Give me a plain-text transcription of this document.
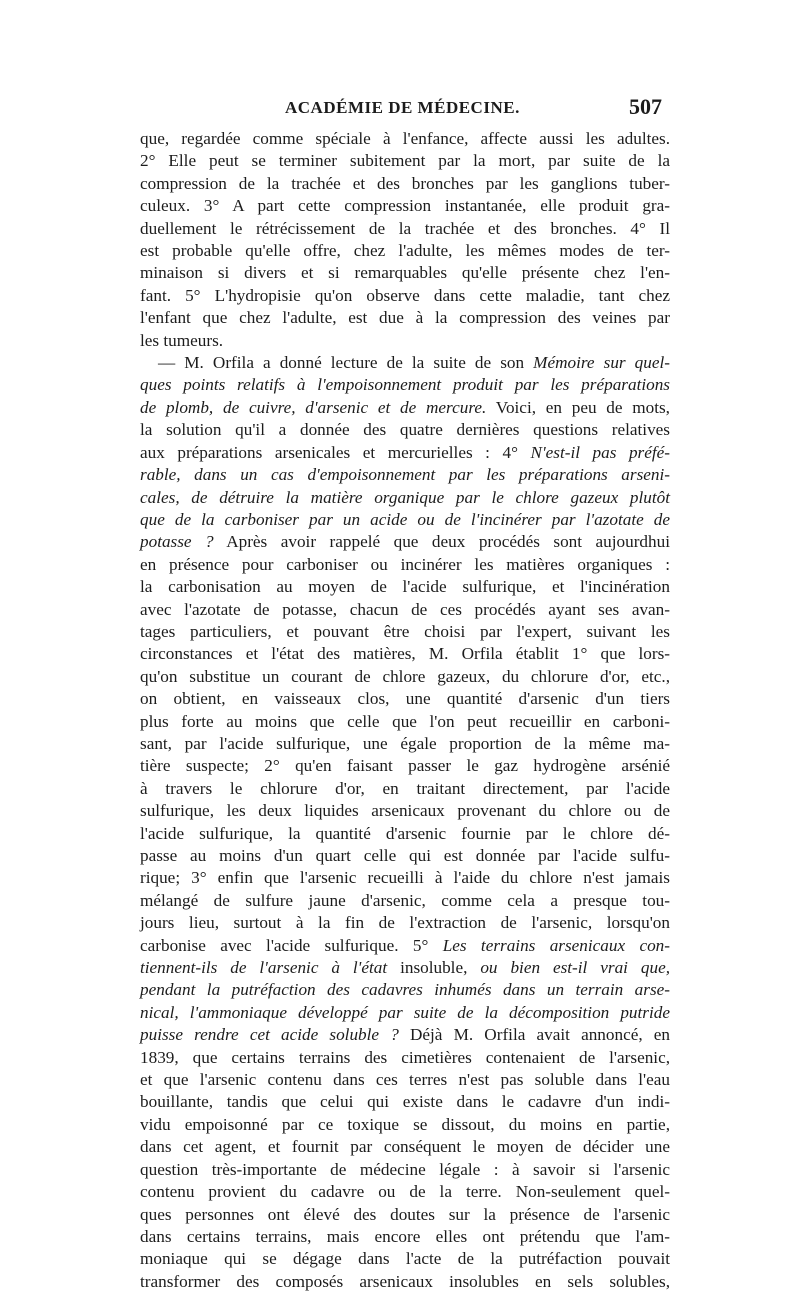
ACADÉMIE DE MÉDECINE.	507

que, regardée comme spéciale à l'enfance, affecte aussi les adultes.
2° Elle peut se terminer subitement par la mort, par suite de la
compression de la trachée et des bronches par les ganglions tuber-
culeux. 3° A part cette compression instantanée, elle produit gra-
duellement le rétrécissement de la trachée et des bronches. 4° Il
est probable qu'elle offre, chez l'adulte, les mêmes modes de ter-
minaison si divers et si remarquables qu'elle présente chez l'en-
fant. 5° L'hydropisie qu'on observe dans cette maladie, tant chez
l'enfant que chez l'adulte, est due à la compression des veines par
les tumeurs.

— M. Orfila a donné lecture de la suite de son Mémoire sur quel-
ques points relatifs à l'empoisonnement produit par les préparations
de plomb, de cuivre, d'arsenic et de mercure. Voici, en peu de mots,
la solution qu'il a donnée des quatre dernières questions relatives
aux préparations arsenicales et mercurielles : 4° N'est-il pas préfé-
rable, dans un cas d'empoisonnement par les préparations arseni-
cales, de détruire la matière organique par le chlore gazeux plutôt
que de la carboniser par un acide ou de l'incinérer par l'azotate de
potasse ? Après avoir rappelé que deux procédés sont aujourdhui
en présence pour carboniser ou incinérer les matières organiques :
la carbonisation au moyen de l'acide sulfurique, et l'incinération
avec l'azotate de potasse, chacun de ces procédés ayant ses avan-
tages particuliers, et pouvant être choisi par l'expert, suivant les
circonstances et l'état des matières, M. Orfila établit 1° que lors-
qu'on substitue un courant de chlore gazeux, du chlorure d'or, etc.,
on obtient, en vaisseaux clos, une quantité d'arsenic d'un tiers
plus forte au moins que celle que l'on peut recueillir en carboni-
sant, par l'acide sulfurique, une égale proportion de la même ma-
tière suspecte; 2° qu'en faisant passer le gaz hydrogène arsénié
à travers le chlorure d'or, en traitant directement, par l'acide
sulfurique, les deux liquides arsenicaux provenant du chlore ou de
l'acide sulfurique, la quantité d'arsenic fournie par le chlore dé-
passe au moins d'un quart celle qui est donnée par l'acide sulfu-
rique; 3° enfin que l'arsenic recueilli à l'aide du chlore n'est jamais
mélangé de sulfure jaune d'arsenic, comme cela a presque tou-
jours lieu, surtout à la fin de l'extraction de l'arsenic, lorsqu'on
carbonise avec l'acide sulfurique. 5° Les terrains arsenicaux con-
tiennent-ils de l'arsenic à l'état insoluble, ou bien est-il vrai que,
pendant la putréfaction des cadavres inhumés dans un terrain arse-
nical, l'ammoniaque développé par suite de la décomposition putride
puisse rendre cet acide soluble ? Déjà M. Orfila avait annoncé, en
1839, que certains terrains des cimetières contenaient de l'arsenic,
et que l'arsenic contenu dans ces terres n'est pas soluble dans l'eau
bouillante, tandis que celui qui existe dans le cadavre d'un indi-
vidu empoisonné par ce toxique se dissout, du moins en partie,
dans cet agent, et fournit par conséquent le moyen de décider une
question très-importante de médecine légale : à savoir si l'arsenic
contenu provient du cadavre ou de la terre. Non-seulement quel-
ques personnes ont élevé des doutes sur la présence de l'arsenic
dans certains terrains, mais encore elles ont prétendu que l'am-
moniaque qui se dégage dans l'acte de la putréfaction pouvait
transformer des composés arsenicaux insolubles en sels solubles,
